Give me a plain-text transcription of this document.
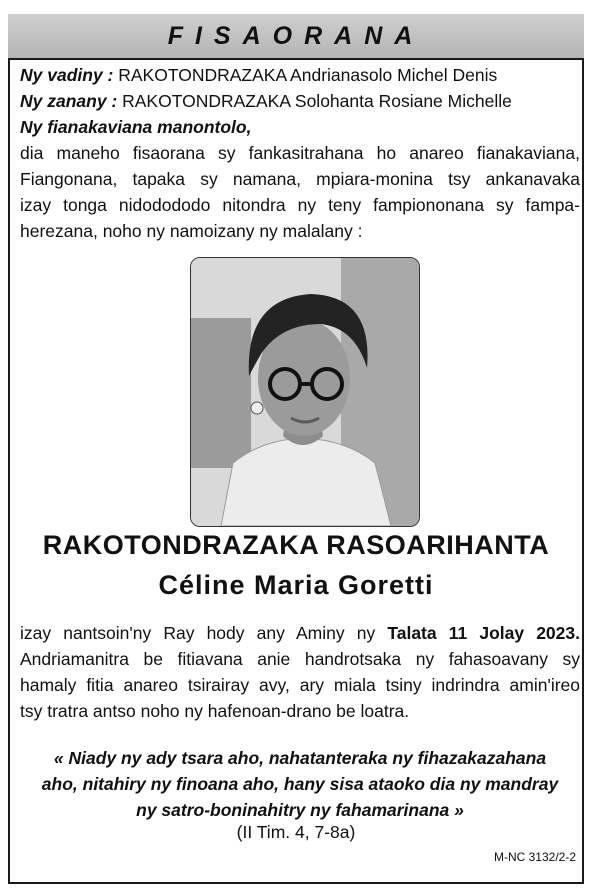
FISAORANA
Ny vadiny : RAKOTONDRAZAKA Andrianasolo Michel Denis
Ny zanany : RAKOTONDRAZAKA Solohanta Rosiane Michelle
Ny fianakaviana manontolo,
dia maneho fisaorana sy fankasitrahana ho anareo fianakaviana,
Fiangonana, tapaka sy namana, mpiara-monina tsy ankanavaka
izay tonga nidodododo nitondra ny teny fampiononana sy fampa-
herezana, noho ny namoizany ny malalany :
RAKOTONDRAZAKA RASOARIHANTA
Céline Maria Goretti
izay nantsoin'ny Ray hody any Aminy ny Talata 11 Jolay 2023.
Andriamanitra be fitiavana anie handrotsaka ny fahasoavany sy
hamaly fitia anareo tsirairay avy, ary miala tsiny indrindra amin'ireo
tsy tratra antso noho ny hafenoan-drano be loatra.
« Niady ny ady tsara aho, nahatanteraka ny fihazakazahana
aho, nitahiry ny finoana aho, hany sisa ataoko dia ny mandray
ny satro-boninahitry ny fahamarinana »
(II Tim. 4, 7-8a)
M-NC 3132/2-2
